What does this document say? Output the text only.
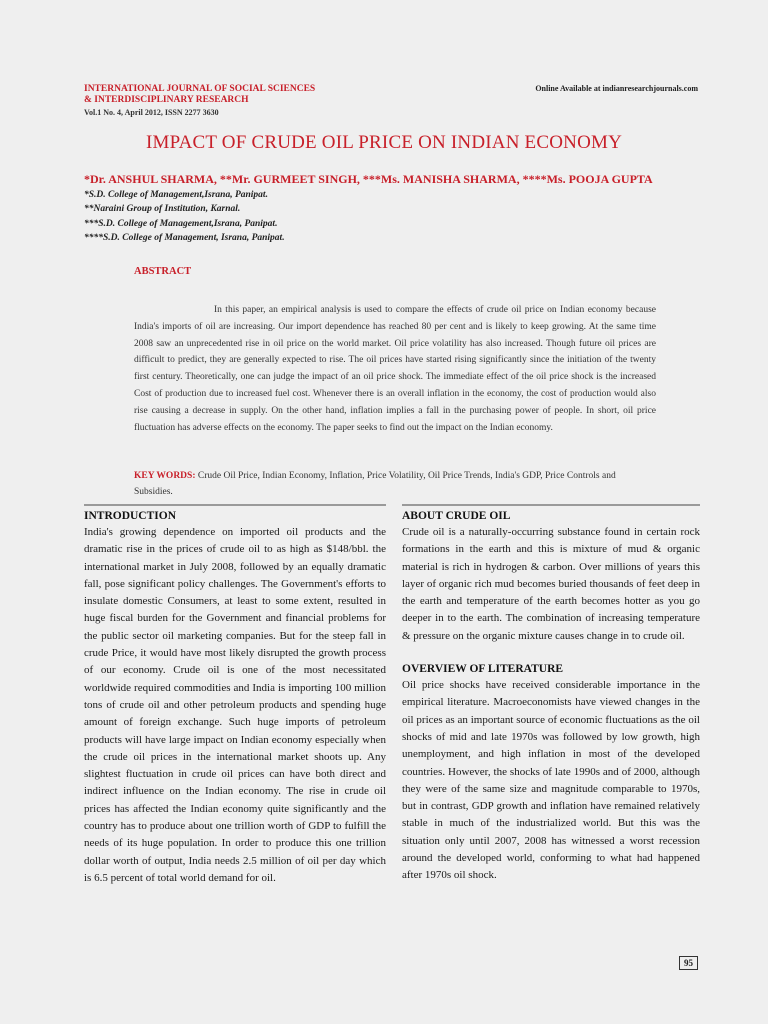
INTERNATIONAL JOURNAL OF SOCIAL SCIENCES
& INTERDISCIPLINARY RESEARCH
Vol.1 No. 4, April 2012, ISSN 2277 3630
Online Available at indianresearchjournals.com
IMPACT OF CRUDE OIL PRICE ON INDIAN ECONOMY
*Dr. ANSHUL SHARMA, **Mr. GURMEET SINGH, ***Ms. MANISHA SHARMA, ****Ms. POOJA GUPTA
*S.D. College of Management,Israna, Panipat.
**Naraini Group of Institution, Karnal.
***S.D. College of Management,Israna, Panipat.
****S.D. College of Management, Israna, Panipat.
ABSTRACT

In this paper, an empirical analysis is used to compare the effects of crude oil price on Indian economy because India's imports of oil are increasing. Our import dependence has reached 80 per cent and is likely to keep growing. At the same time 2008 saw an unprecedented rise in oil price on the world market. Oil price volatility has also increased. Though future oil prices are difficult to predict, they are generally expected to rise. The oil prices have started rising significantly since the initiation of the twenty first century. Theoretically, one can judge the impact of an oil price shock. The immediate effect of the oil price shock is the increased Cost of production due to increased fuel cost. Whenever there is an overall inflation in the economy, the cost of production would also rise causing a decrease in supply. On the other hand, inflation implies a fall in the purchasing power of people. In short, oil price fluctuation has adverse effects on the economy. The paper seeks to find out the impact on the Indian economy.

KEY WORDS: Crude Oil Price, Indian Economy, Inflation, Price Volatility, Oil Price Trends, India's GDP, Price Controls and Subsidies.

INTRODUCTION

India's growing dependence on imported oil products and the dramatic rise in the prices of crude oil to as high as $148/bbl. the international market in July 2008, followed by an equally dramatic fall, pose significant policy challenges. The Government's efforts to insulate domestic Consumers, at least to some extent, resulted in huge fiscal burden for the Government and financial problems for the public sector oil marketing companies. But for the steep fall in crude Price, it would have most likely disrupted the growth process of our economy. Crude oil is one of the most necessitated worldwide required commodities and India is importing 100 million tons of crude oil and other petroleum products and spending huge amount of foreign exchange. Such huge imports of petroleum products will have large impact on Indian economy especially when the crude oil prices in the international market shoots up. Any slightest fluctuation in crude oil prices can have both direct and indirect influence on the Indian economy. The rise in crude oil prices has affected the Indian economy quite significantly and the country has to produce about one trillion worth of GDP to fulfill the needs of its huge population. In order to produce this one trillion dollar worth of output, India needs 2.5 million of oil per day which is 6.5 percent of total world demand for oil.

ABOUT CRUDE OIL

Crude oil is a naturally-occurring substance found in certain rock formations in the earth and this is mixture of mud & organic material is rich in hydrogen & carbon. Over millions of years this layer of organic rich mud becomes buried thousands of feet deep in the earth and temperature of the earth becomes hotter as you go deeper in to the earth. The combination of increasing temperature & pressure on the organic mixture causes change in to crude oil.

OVERVIEW OF LITERATURE

Oil price shocks have received considerable importance in the empirical literature. Macroeconomists have viewed changes in the oil prices as an important source of economic fluctuations as the oil shocks of mid and late 1970s was followed by low growth, high unemployment, and high inflation in most of the developed countries. However, the shocks of late 1990s and of 2000, although they were of the same size and magnitude comparable to 1970s, but in contrast, GDP growth and inflation have remained relatively stable in much of the industrialized world. But this was the situation only until 2007, 2008 has witnessed a worst recession around the developed world, conforming to what had happened after 1970s oil shock.

95
